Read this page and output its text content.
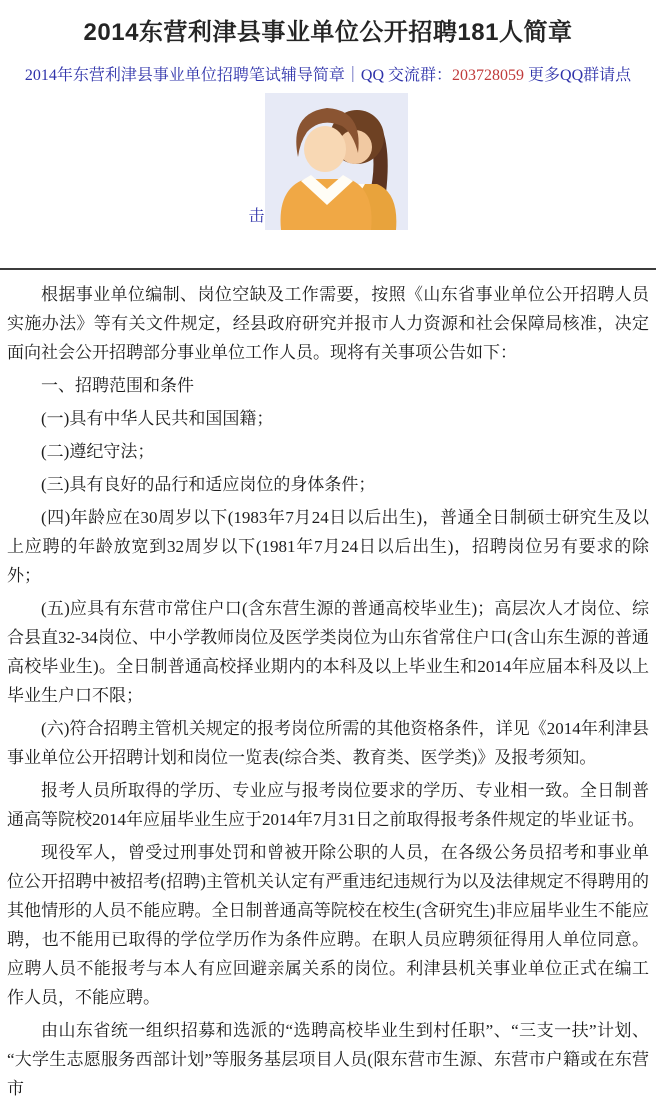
2014东营利津县事业单位公开招聘181人简章
2014年东营利津县事业单位招聘笔试辅导简章｜QQ 交流群：203728059 更多QQ群请点
击

根据事业单位编制、岗位空缺及工作需要，按照《山东省事业单位公开招聘人员实施办法》等有关文件规定，经县政府研究并报市人力资源和社会保障局核准，决定面向社会公开招聘部分事业单位工作人员。现将有关事项公告如下：

一、招聘范围和条件

(一)具有中华人民共和国国籍；

(二)遵纪守法；

(三)具有良好的品行和适应岗位的身体条件；

(四)年龄应在30周岁以下(1983年7月24日以后出生)，普通全日制硕士研究生及以上应聘的年龄放宽到32周岁以下(1981年7月24日以后出生)，招聘岗位另有要求的除外；

(五)应具有东营市常住户口(含东营生源的普通高校毕业生)；高层次人才岗位、综合县直32-34岗位、中小学教师岗位及医学类岗位为山东省常住户口(含山东生源的普通高校毕业生)。全日制普通高校择业期内的本科及以上毕业生和2014年应届本科及以上毕业生户口不限；

(六)符合招聘主管机关规定的报考岗位所需的其他资格条件，详见《2014年利津县事业单位公开招聘计划和岗位一览表(综合类、教育类、医学类)》及报考须知。

报考人员所取得的学历、专业应与报考岗位要求的学历、专业相一致。全日制普通高等院校2014年应届毕业生应于2014年7月31日之前取得报考条件规定的毕业证书。

现役军人，曾受过刑事处罚和曾被开除公职的人员，在各级公务员招考和事业单位公开招聘中被招考(招聘)主管机关认定有严重违纪违规行为以及法律规定不得聘用的其他情形的人员不能应聘。全日制普通高等院校在校生(含研究生)非应届毕业生不能应聘，也不能用已取得的学位学历作为条件应聘。在职人员应聘须征得用人单位同意。应聘人员不能报考与本人有应回避亲属关系的岗位。利津县机关事业单位正式在编工作人员，不能应聘。

由山东省统一组织招募和选派的“选聘高校毕业生到村任职”、“三支一扶”计划、“大学生志愿服务西部计划”等服务基层项目人员(限东营市生源、东营市户籍或在东营市
